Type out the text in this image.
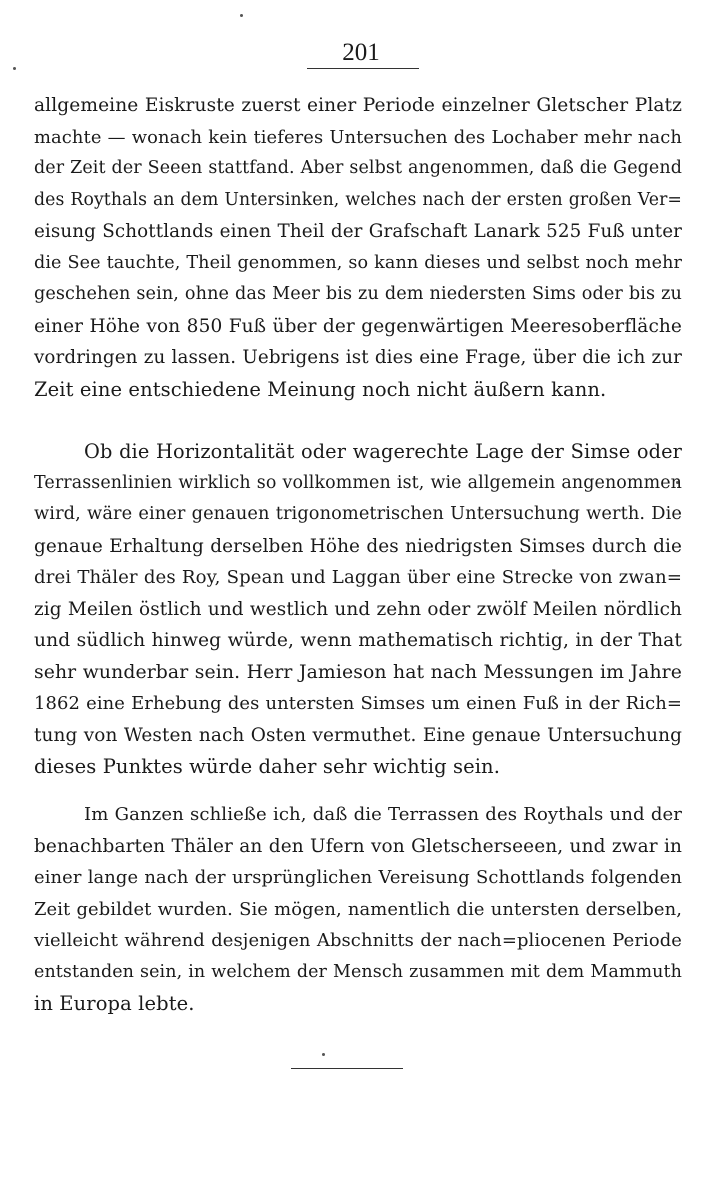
201
allgemeine Eiskruste zuerst einer Periode einzelner Gletscher Platz
machte — wonach kein tieferes Untersuchen des Lochaber mehr nach
der Zeit der Seeen stattfand. Aber selbst angenommen, daß die Gegend
des Roythals an dem Untersinken, welches nach der ersten großen Ver=
eisung Schottlands einen Theil der Grafschaft Lanark 525 Fuß unter
die See tauchte, Theil genommen, so kann dieses und selbst noch mehr
geschehen sein, ohne das Meer bis zu dem niedersten Sims oder bis zu
einer Höhe von 850 Fuß über der gegenwärtigen Meeresoberfläche
vordringen zu lassen. Uebrigens ist dies eine Frage, über die ich zur
Zeit eine entschiedene Meinung noch nicht äußern kann.
Ob die Horizontalität oder wagerechte Lage der Simse oder
Terrassenlinien wirklich so vollkommen ist, wie allgemein angenommen
wird, wäre einer genauen trigonometrischen Untersuchung werth. Die
genaue Erhaltung derselben Höhe des niedrigsten Simses durch die
drei Thäler des Roy, Spean und Laggan über eine Strecke von zwan=
zig Meilen östlich und westlich und zehn oder zwölf Meilen nördlich
und südlich hinweg würde, wenn mathematisch richtig, in der That
sehr wunderbar sein. Herr Jamieson hat nach Messungen im Jahre
1862 eine Erhebung des untersten Simses um einen Fuß in der Rich=
tung von Westen nach Osten vermuthet. Eine genaue Untersuchung
dieses Punktes würde daher sehr wichtig sein.
Im Ganzen schließe ich, daß die Terrassen des Roythals und der
benachbarten Thäler an den Ufern von Gletscherseeen, und zwar in
einer lange nach der ursprünglichen Vereisung Schottlands folgenden
Zeit gebildet wurden. Sie mögen, namentlich die untersten derselben,
vielleicht während desjenigen Abschnitts der nach=pliocenen Periode
entstanden sein, in welchem der Mensch zusammen mit dem Mammuth
in Europa lebte.
